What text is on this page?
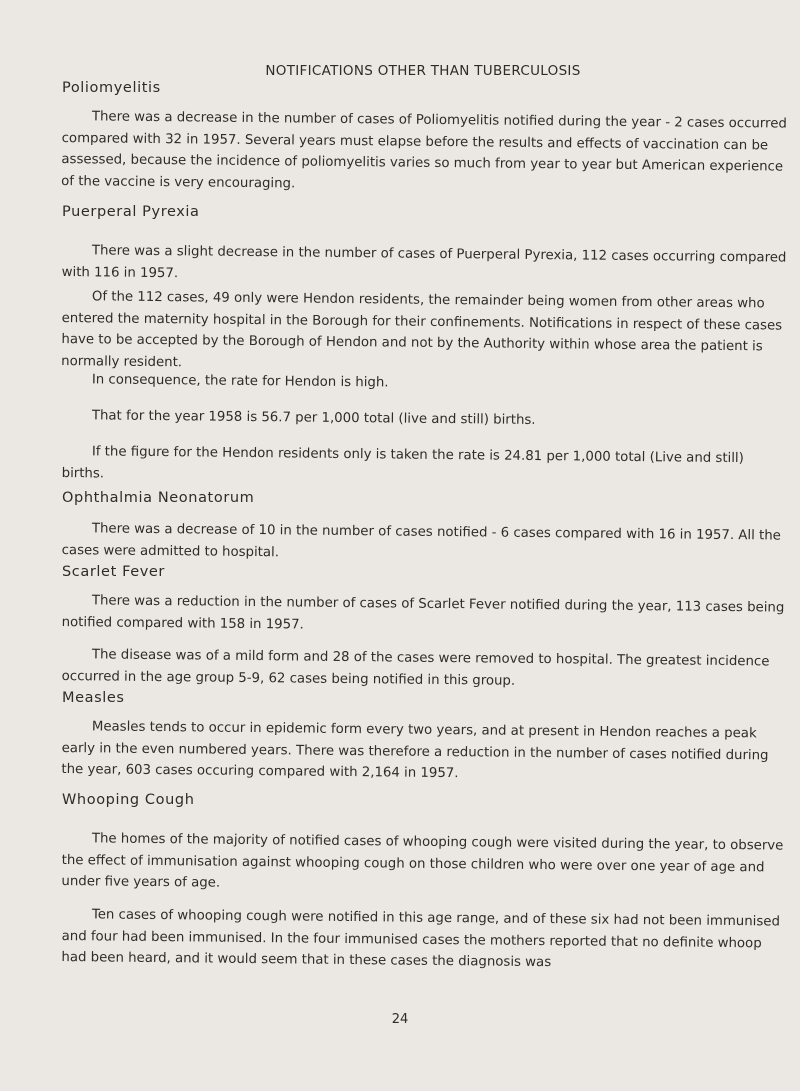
NOTIFICATIONS OTHER THAN TUBERCULOSIS
Poliomyelitis

There was a decrease in the number of cases of Poliomyelitis notified during the year - 2 cases occurred compared with 32 in 1957. Several years must elapse before the results and effects of vaccination can be assessed, because the incidence of poliomyelitis varies so much from year to year but American experience of the vaccine is very encouraging.

Puerperal Pyrexia

There was a slight decrease in the number of cases of Puerperal Pyrexia, 112 cases occurring compared with 116 in 1957.

Of the 112 cases, 49 only were Hendon residents, the remainder being women from other areas who entered the maternity hospital in the Borough for their confinements. Notifications in respect of these cases have to be accepted by the Borough of Hendon and not by the Authority within whose area the patient is normally resident.

In consequence, the rate for Hendon is high.

That for the year 1958 is 56.7 per 1,000 total (live and still) births.

If the figure for the Hendon residents only is taken the rate is 24.81 per 1,000 total (Live and still) births.

Ophthalmia Neonatorum

There was a decrease of 10 in the number of cases notified - 6 cases compared with 16 in 1957. All the cases were admitted to hospital.

Scarlet Fever

There was a reduction in the number of cases of Scarlet Fever notified during the year, 113 cases being notified compared with 158 in 1957.

The disease was of a mild form and 28 of the cases were removed to hospital. The greatest incidence occurred in the age group 5-9, 62 cases being notified in this group.

Measles

Measles tends to occur in epidemic form every two years, and at present in Hendon reaches a peak early in the even numbered years. There was therefore a reduction in the number of cases notified during the year, 603 cases occuring compared with 2,164 in 1957.

Whooping Cough

The homes of the majority of notified cases of whooping cough were visited during the year, to observe the effect of immunisation against whooping cough on those children who were over one year of age and under five years of age.

Ten cases of whooping cough were notified in this age range, and of these six had not been immunised and four had been immunised. In the four immunised cases the mothers reported that no definite whoop had been heard, and it would seem that in these cases the diagnosis was

24
